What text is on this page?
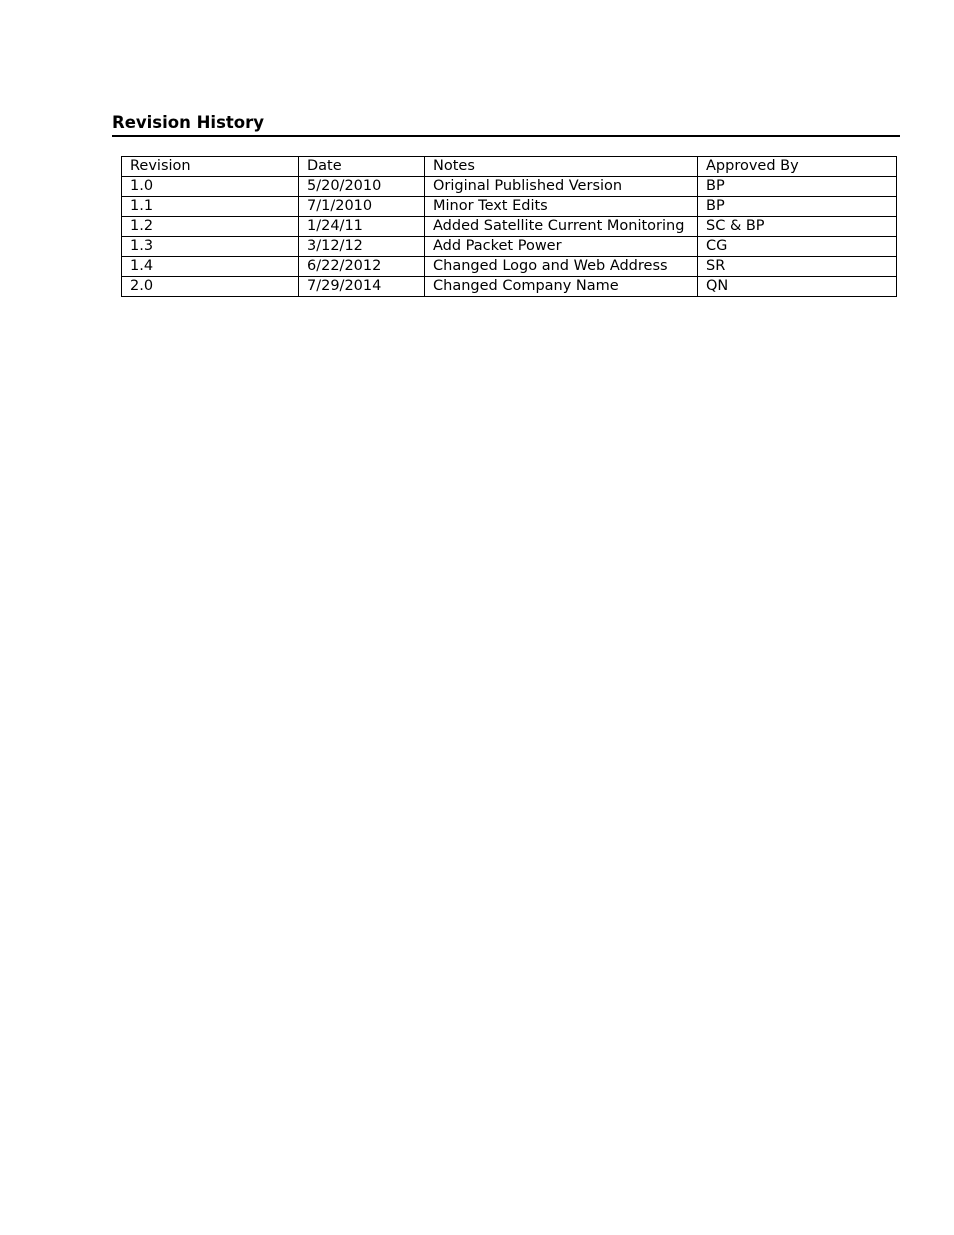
Revision History
Revision	Date	Notes	Approved By
1.0	5/20/2010	Original Published Version	BP
1.1	7/1/2010	Minor Text Edits	BP
1.2	1/24/11	Added Satellite Current Monitoring	SC & BP
1.3	3/12/12	Add Packet Power	CG
1.4	6/22/2012	Changed Logo and Web Address	SR
2.0	7/29/2014	Changed Company Name	QN
